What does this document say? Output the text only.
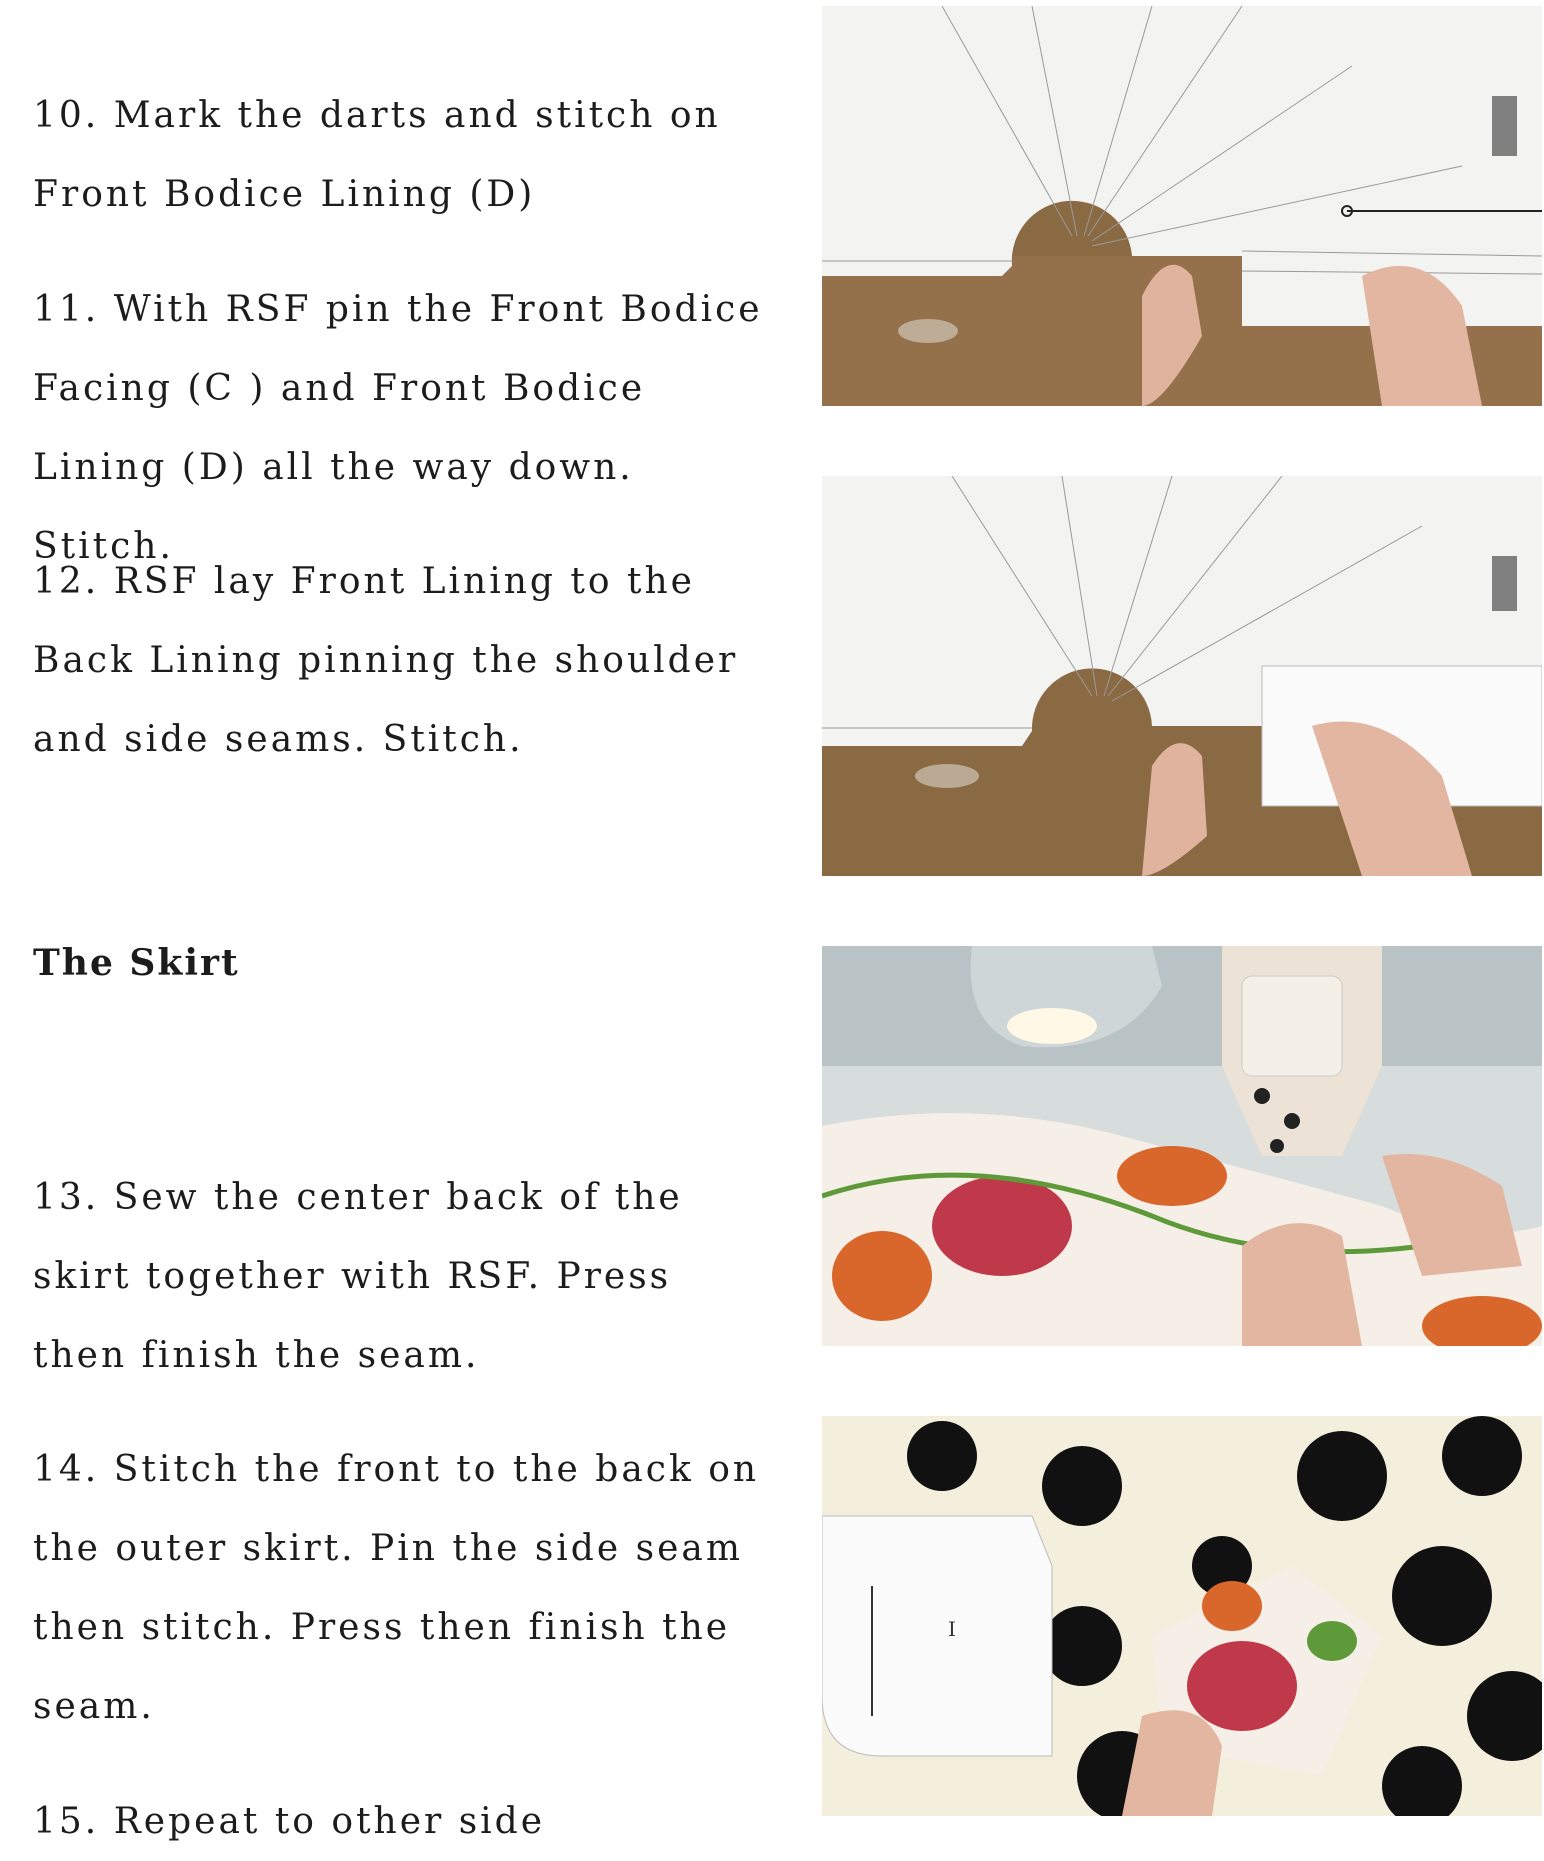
10. Mark the darts and stitch on Front Bodice Lining (D)

11. With RSF pin the Front Bodice Facing (C ) and Front Bodice Lining (D) all the way down. Stitch.

12. RSF lay Front Lining to the Back Lining pinning the shoulder and side seams. Stitch.

The Skirt

13. Sew the center back of the skirt together with RSF. Press then finish the seam.

14. Stitch the front to the back on the outer skirt. Pin the side seam then stitch. Press then finish the seam.

15. Repeat to other side

I
